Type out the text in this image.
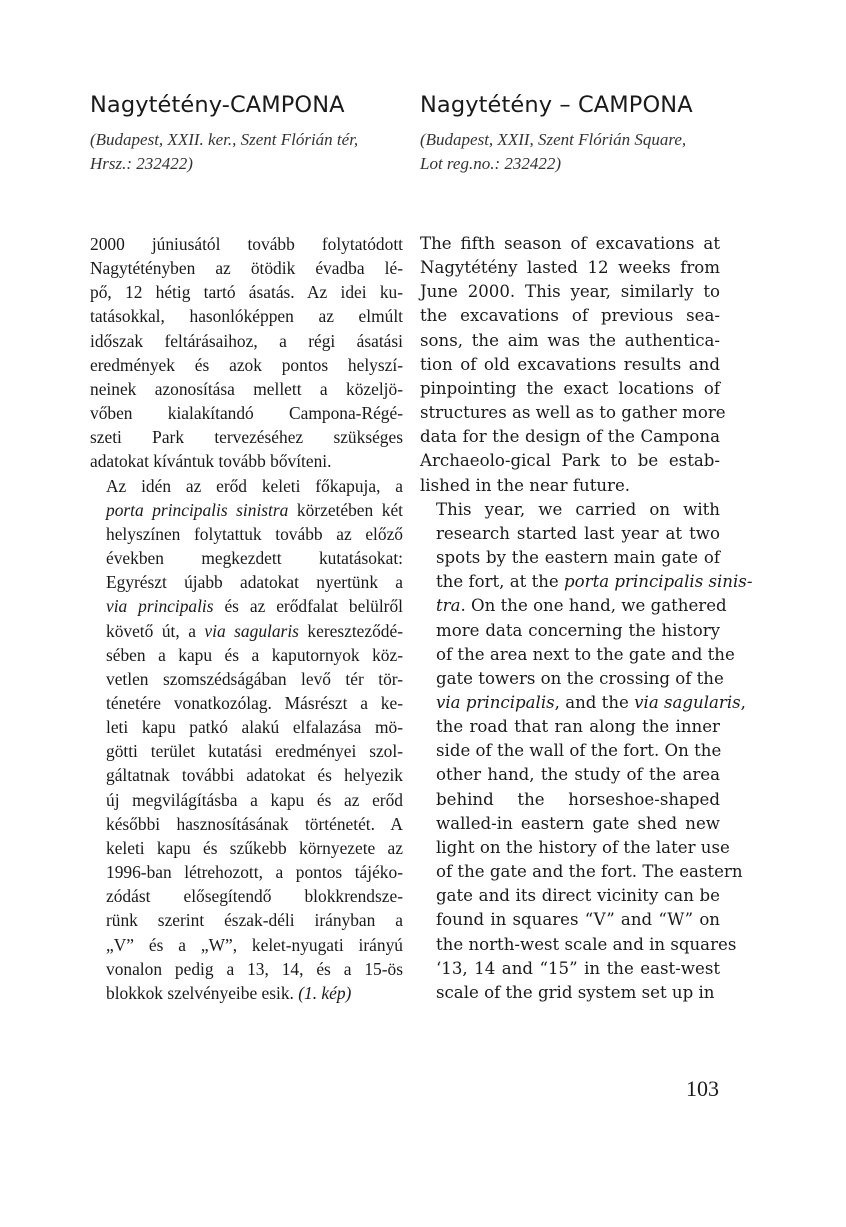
Nagytétény-CAMPONA
(Budapest, XXII. ker., Szent Flórián tér,
Hrsz.: 232422)

2000 júniusától tovább folytatódott
Nagytétényben az ötödik évadba lé-
pő, 12 hétig tartó ásatás. Az idei ku-
tatásokkal, hasonlóképpen az elmúlt
időszak feltárásaihoz, a régi ásatási
eredmények és azok pontos helyszí-
neinek azonosítása mellett a közeljö-
vőben kialakítandó Campona-Régé-
szeti Park tervezéséhez szükséges
adatokat kívántuk tovább bővíteni.

Az idén az erőd keleti főkapuja, a
porta principalis sinistra körzetében két
helyszínen folytattuk tovább az előző
években megkezdett kutatásokat:
Egyrészt újabb adatokat nyertünk a
via principalis és az erődfalat belülről
követő út, a via sagularis kereszteződé-
sében a kapu és a kaputornyok köz-
vetlen szomszédságában levő tér tör-
ténetére vonatkozólag. Másrészt a ke-
leti kapu patkó alakú elfalazása mö-
götti terület kutatási eredményei szol-
gáltatnak további adatokat és helyezik
új megvilágításba a kapu és az erőd
későbbi hasznosításának történetét. A
keleti kapu és szűkebb környezete az
1996-ban létrehozott, a pontos tájéko-
zódást elősegítendő blokkrendsze-
rünk szerint észak-déli irányban a
„V” és a „W”, kelet-nyugati irányú
vonalon pedig a 13, 14, és a 15-ös
blokkok szelvényeibe esik. (1. kép)

Nagytétény – CAMPONA
(Budapest, XXII, Szent Flórián Square,
Lot reg.no.: 232422)

The fifth season of excavations at
Nagytétény lasted 12 weeks from
June 2000. This year, similarly to
the excavations of previous sea-
sons, the aim was the authentica-
tion of old excavations results and
pinpointing the exact locations of
structures as well as to gather more
data for the design of the Campona
Archaeolo-gical Park to be estab-
lished in the near future.

This year, we carried on with
research started last year at two
spots by the eastern main gate of
the fort, at the porta principalis sinis-
tra. On the one hand, we gathered
more data concerning the history
of the area next to the gate and the
gate towers on the crossing of the
via principalis, and the via sagularis,
the road that ran along the inner
side of the wall of the fort. On the
other hand, the study of the area
behind the horseshoe-shaped
walled-in eastern gate shed new
light on the history of the later use
of the gate and the fort. The eastern
gate and its direct vicinity can be
found in squares “V” and “W” on
the north-west scale and in squares
‘13, 14 and “15” in the east-west
scale of the grid system set up in

103
